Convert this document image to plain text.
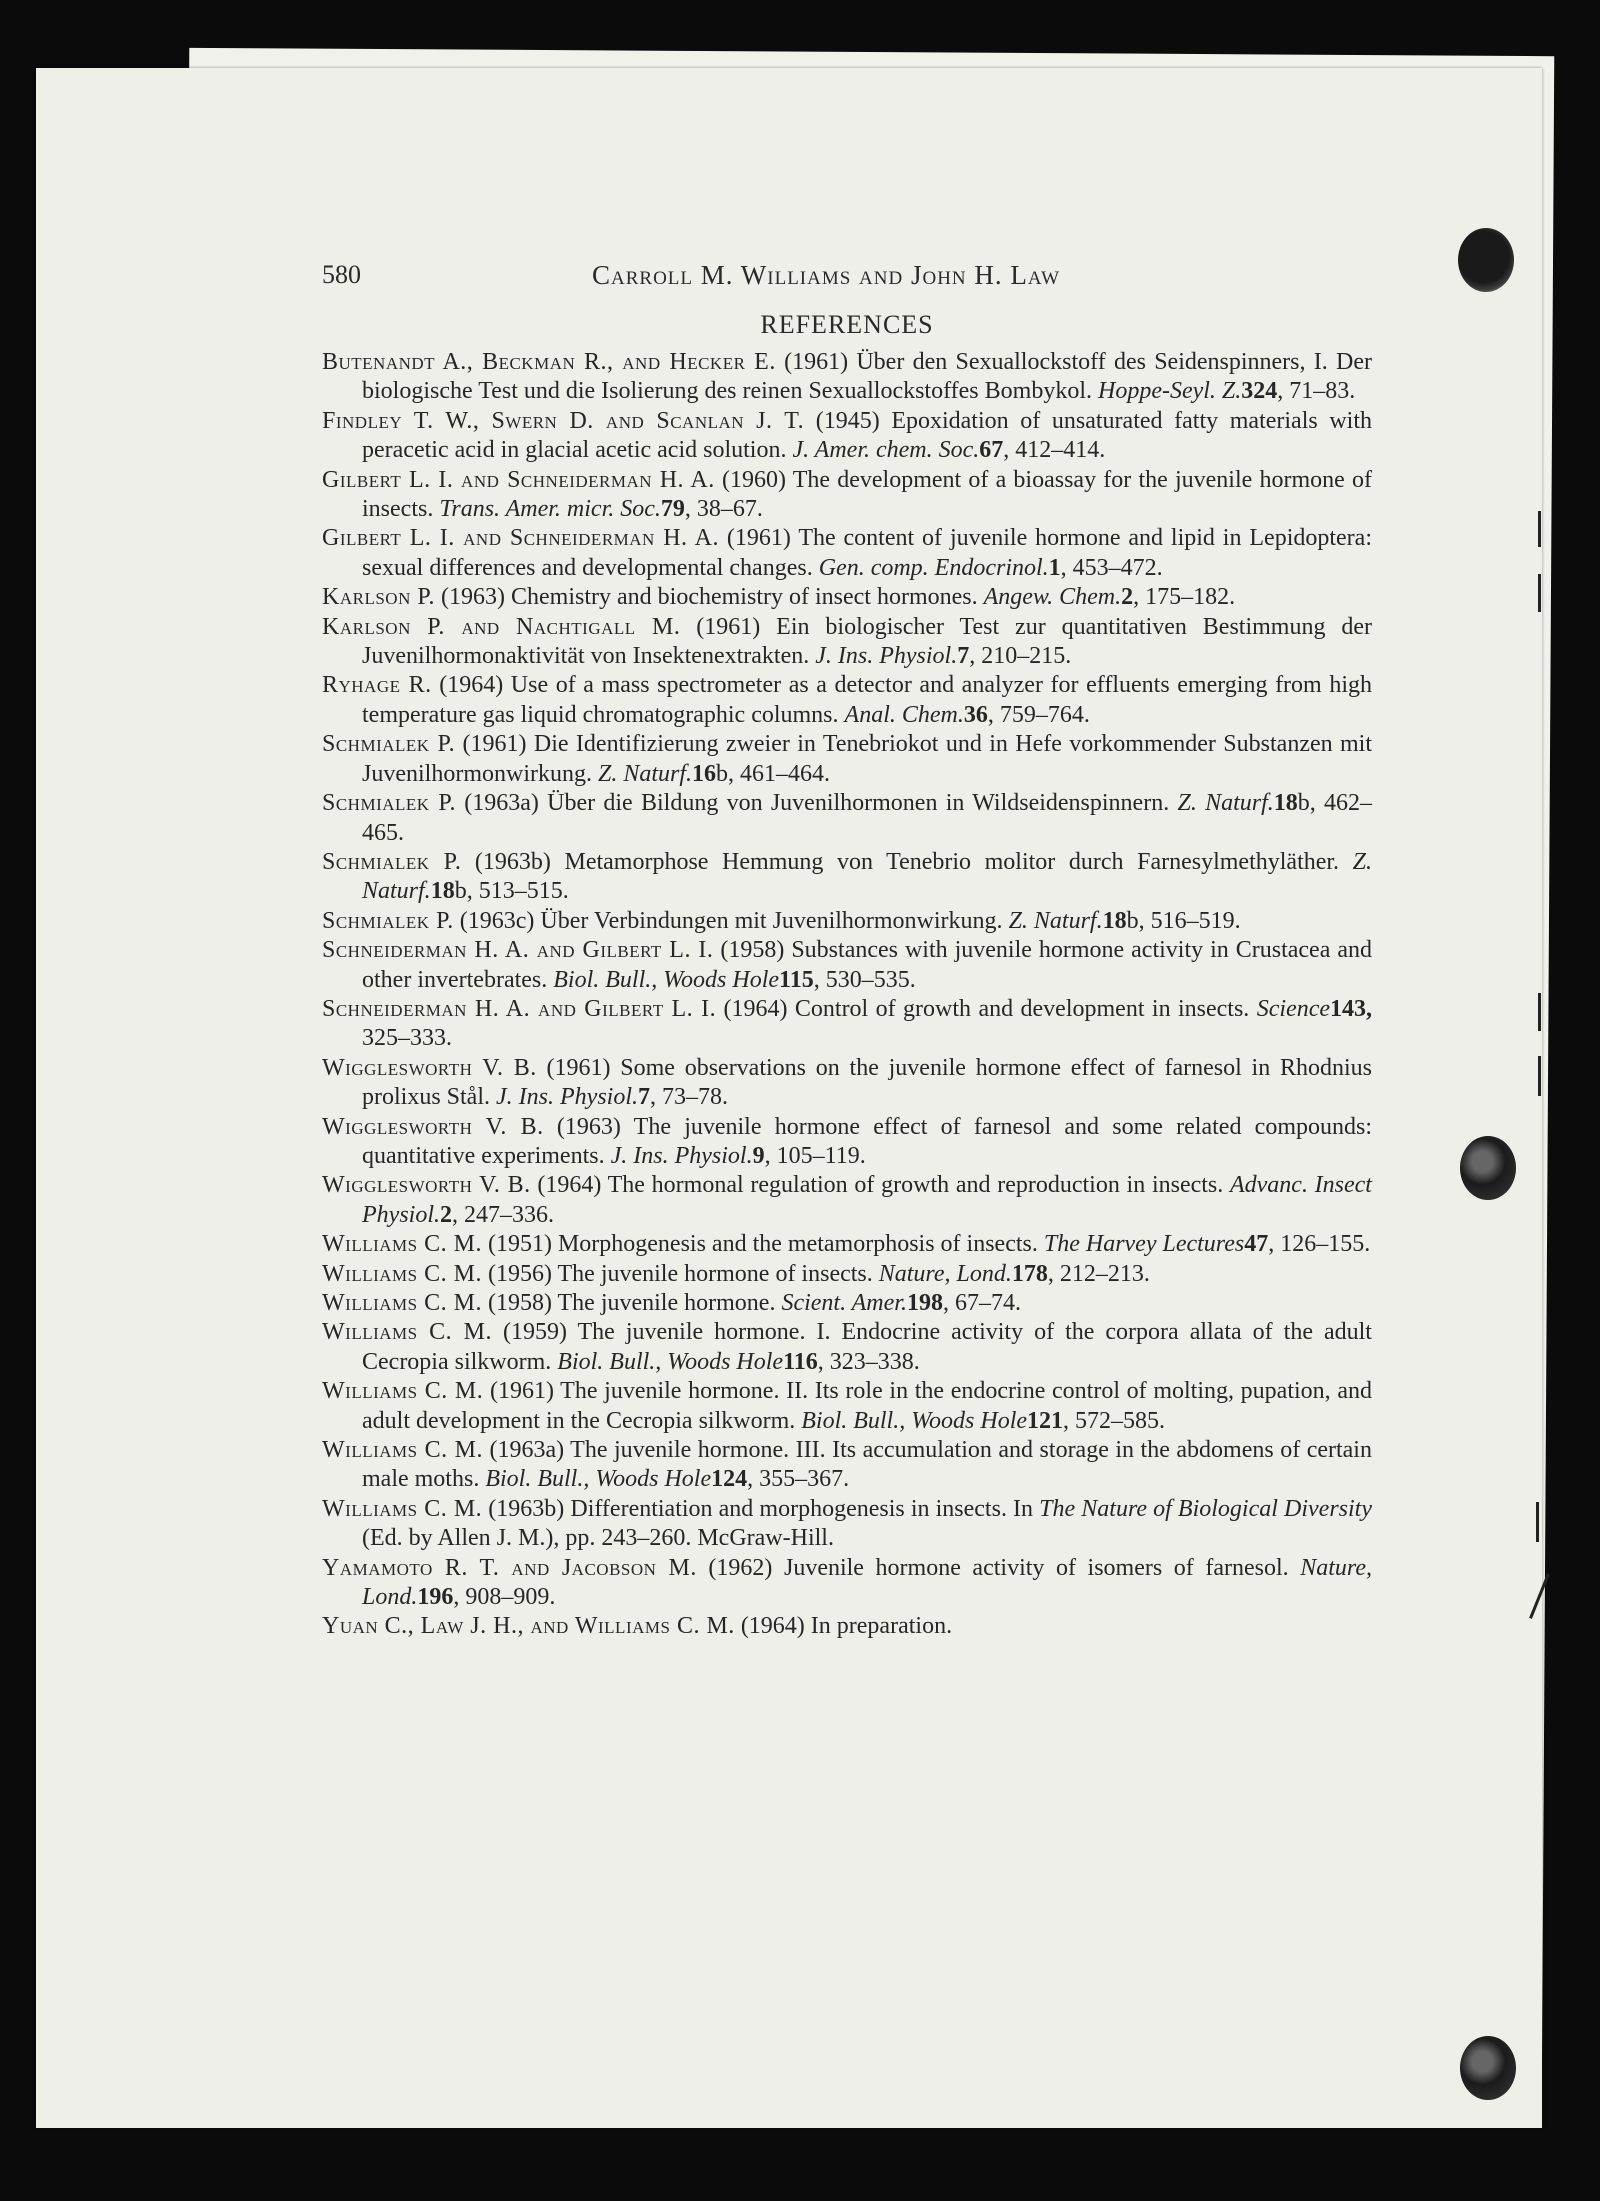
580	Carroll M. Williams and John H. Law
REFERENCES
Butenandt A., Beckman R., and Hecker E. (1961) Über den Sexuallockstoff des Seidenspinners, I. Der biologische Test und die Isolierung des reinen Sexuallockstoffes Bombykol. Hoppe-Seyl. Z.324, 71–83.
Findley T. W., Swern D. and Scanlan J. T. (1945) Epoxidation of unsaturated fatty materials with peracetic acid in glacial acetic acid solution. J. Amer. chem. Soc.67, 412–414.
Gilbert L. I. and Schneiderman H. A. (1960) The development of a bioassay for the juvenile hormone of insects. Trans. Amer. micr. Soc.79, 38–67.
Gilbert L. I. and Schneiderman H. A. (1961) The content of juvenile hormone and lipid in Lepidoptera: sexual differences and developmental changes. Gen. comp. Endocrinol.1, 453–472.
Karlson P. (1963) Chemistry and biochemistry of insect hormones. Angew. Chem.2, 175–182.
Karlson P. and Nachtigall M. (1961) Ein biologischer Test zur quantitativen Bestimmung der Juvenilhormonaktivität von Insektenextrakten. J. Ins. Physiol.7, 210–215.
Ryhage R. (1964) Use of a mass spectrometer as a detector and analyzer for effluents emerging from high temperature gas liquid chromatographic columns. Anal. Chem.36, 759–764.
Schmialek P. (1961) Die Identifizierung zweier in Tenebriokot und in Hefe vorkommender Substanzen mit Juvenilhormonwirkung. Z. Naturf.16b, 461–464.
Schmialek P. (1963a) Über die Bildung von Juvenilhormonen in Wildseidenspinnern. Z. Naturf.18b, 462–465.
Schmialek P. (1963b) Metamorphose Hemmung von Tenebrio molitor durch Farnesylmethyläther. Z. Naturf.18b, 513–515.
Schmialek P. (1963c) Über Verbindungen mit Juvenilhormonwirkung. Z. Naturf.18b, 516–519.
Schneiderman H. A. and Gilbert L. I. (1958) Substances with juvenile hormone activity in Crustacea and other invertebrates. Biol. Bull., Woods Hole115, 530–535.
Schneiderman H. A. and Gilbert L. I. (1964) Control of growth and development in insects. Science143, 325–333.
Wigglesworth V. B. (1961) Some observations on the juvenile hormone effect of farnesol in Rhodnius prolixus Stål. J. Ins. Physiol.7, 73–78.
Wigglesworth V. B. (1963) The juvenile hormone effect of farnesol and some related compounds: quantitative experiments. J. Ins. Physiol.9, 105–119.
Wigglesworth V. B. (1964) The hormonal regulation of growth and reproduction in insects. Advanc. Insect Physiol.2, 247–336.
Williams C. M. (1951) Morphogenesis and the metamorphosis of insects. The Harvey Lectures47, 126–155.
Williams C. M. (1956) The juvenile hormone of insects. Nature, Lond.178, 212–213.
Williams C. M. (1958) The juvenile hormone. Scient. Amer.198, 67–74.
Williams C. M. (1959) The juvenile hormone. I. Endocrine activity of the corpora allata of the adult Cecropia silkworm. Biol. Bull., Woods Hole116, 323–338.
Williams C. M. (1961) The juvenile hormone. II. Its role in the endocrine control of molting, pupation, and adult development in the Cecropia silkworm. Biol. Bull., Woods Hole121, 572–585.
Williams C. M. (1963a) The juvenile hormone. III. Its accumulation and storage in the abdomens of certain male moths. Biol. Bull., Woods Hole124, 355–367.
Williams C. M. (1963b) Differentiation and morphogenesis in insects. In The Nature of Biological Diversity (Ed. by Allen J. M.), pp. 243–260. McGraw-Hill.
Yamamoto R. T. and Jacobson M. (1962) Juvenile hormone activity of isomers of farnesol. Nature, Lond.196, 908–909.
Yuan C., Law J. H., and Williams C. M. (1964) In preparation.
